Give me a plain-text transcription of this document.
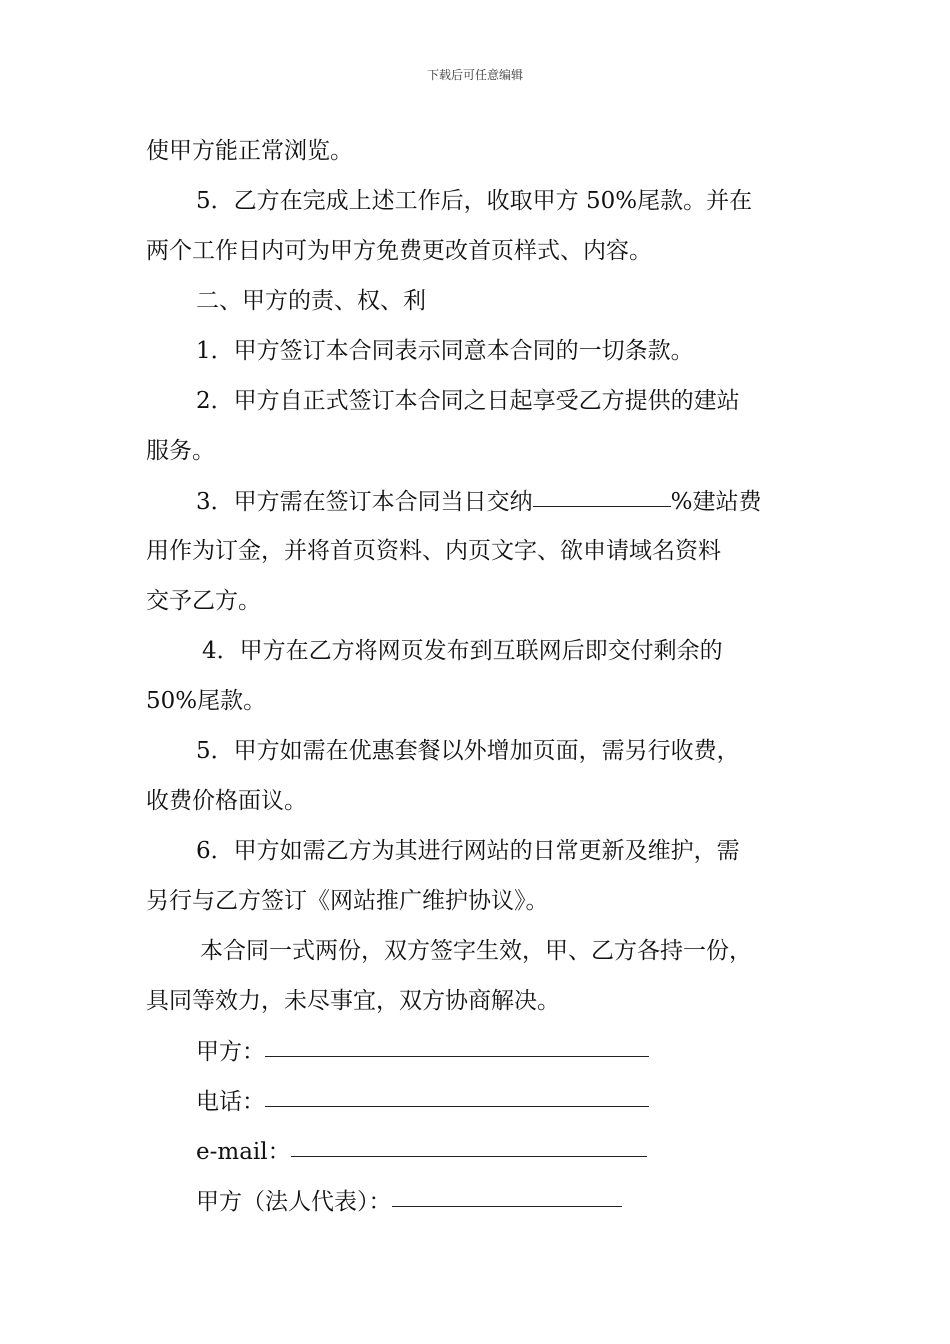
下载后可任意编辑
使甲方能正常浏览。
5．乙方在完成上述工作后，收取甲方 50%尾款。并在
两个工作日内可为甲方免费更改首页样式、内容。
二、甲方的责、权、利
1．甲方签订本合同表示同意本合同的一切条款。
2．甲方自正式签订本合同之日起享受乙方提供的建站
服务。
3．甲方需在签订本合同当日交纳	%建站费
用作为订金，并将首页资料、内页文字、欲申请域名资料
交予乙方。
4．甲方在乙方将网页发布到互联网后即交付剩余的
50%尾款。
5．甲方如需在优惠套餐以外增加页面，需另行收费，
收费价格面议。
6．甲方如需乙方为其进行网站的日常更新及维护，需
另行与乙方签订《网站推广维护协议》。
本合同一式两份，双方签字生效，甲、乙方各持一份，
具同等效力，未尽事宜，双方协商解决。
甲方：
电话：
e-mail：
甲方（法人代表）：
